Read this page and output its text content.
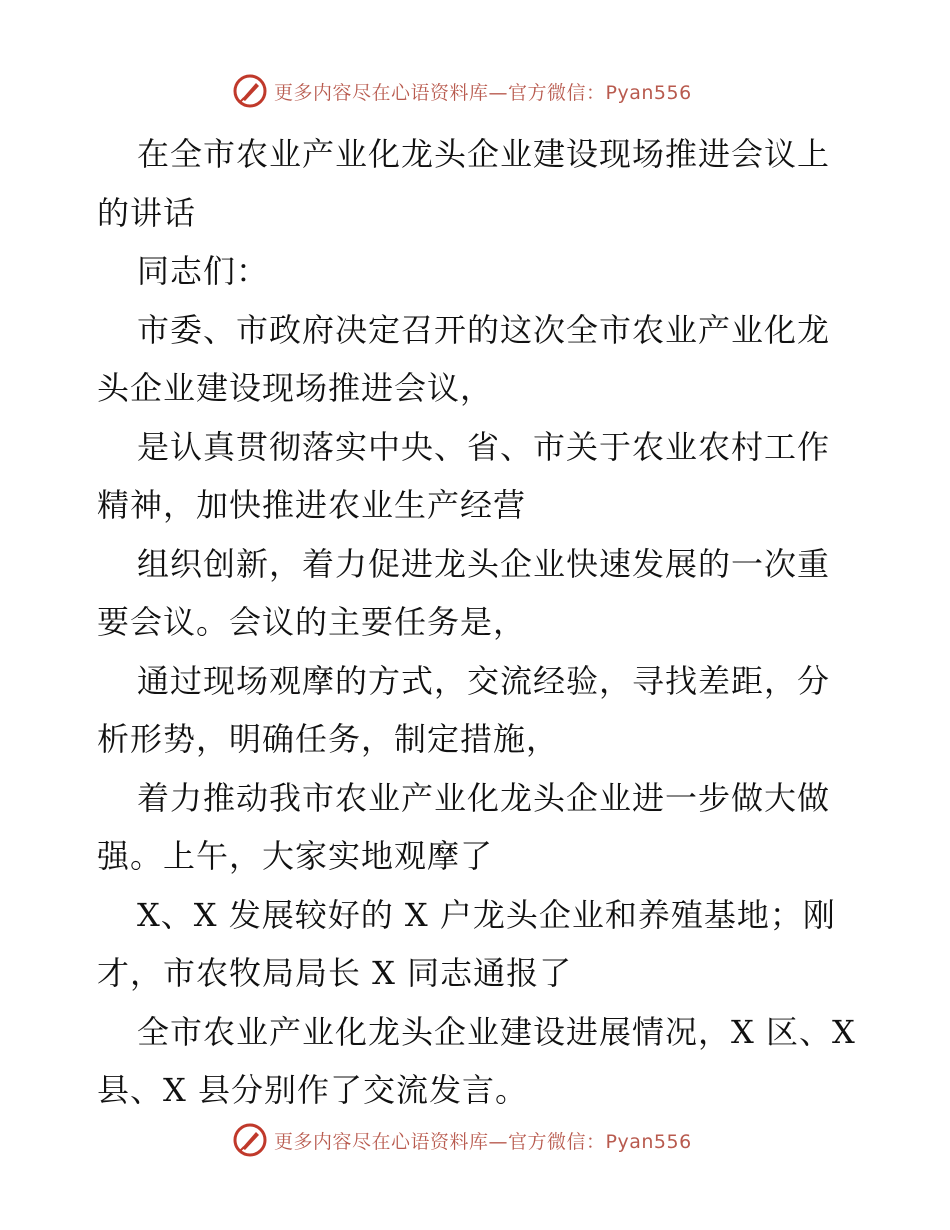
更多内容尽在心语资料库—官方微信：Pyan556

在全市农业产业化龙头企业建设现场推进会议上的讲话

同志们：

市委、市政府决定召开的这次全市农业产业化龙头企业建设现场推进会议，

是认真贯彻落实中央、省、市关于农业农村工作精神，加快推进农业生产经营

组织创新，着力促进龙头企业快速发展的一次重要会议。会议的主要任务是，

通过现场观摩的方式，交流经验，寻找差距，分析形势，明确任务，制定措施，

着力推动我市农业产业化龙头企业进一步做大做强。上午，大家实地观摩了

X、X 发展较好的 X 户龙头企业和养殖基地；刚才，市农牧局局长 X 同志通报了

全市农业产业化龙头企业建设进展情况，X 区、X 县、X 县分别作了交流发言。

更多内容尽在心语资料库—官方微信：Pyan556
